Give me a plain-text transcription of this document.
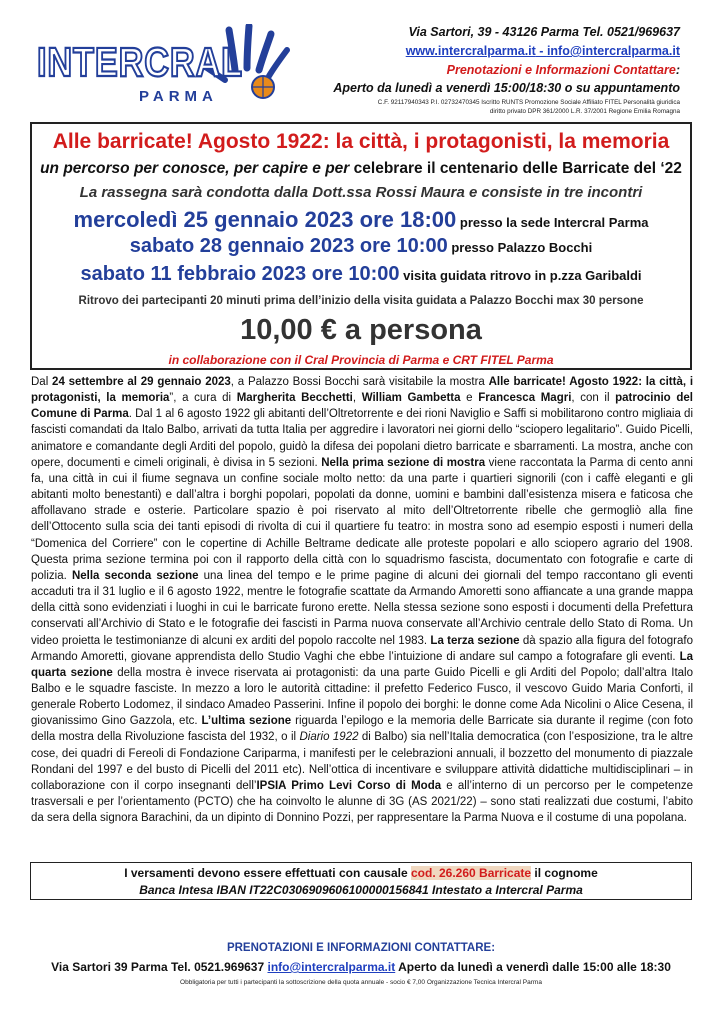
INTERCRAL
PARMA
Via Sartori, 39 - 43126 Parma Tel. 0521/969637
www.intercralparma.it - info@intercralparma.it
Prenotazioni e Informazioni Contattare:
Aperto da lunedì a venerdì 15:00/18:30 o su appuntamento
C.F. 92117940343 P.I. 02732470345 Iscritto RUNTS Promozione Sociale Affiliato FITEL Personalità giuridica
diritto privato DPR 361/2000 L.R. 37/2001 Regione Emilia Romagna
Alle barricate! Agosto 1922: la città, i protagonisti, la memoria
un percorso per conosce, per capire e per celebrare il centenario delle Barricate del ‘22
La rassegna sarà condotta dalla Dott.ssa Rossi Maura e consiste in tre incontri
mercoledì 25 gennaio 2023 ore 18:00 presso la sede Intercral Parma
sabato 28 gennaio 2023 ore 10:00 presso Palazzo Bocchi
sabato 11 febbraio 2023 ore 10:00 visita guidata ritrovo in p.zza Garibaldi
Ritrovo dei partecipanti 20 minuti prima dell’inizio della visita guidata a Palazzo Bocchi max 30 persone
10,00 € a persona
in collaborazione con il Cral Provincia di Parma e CRT FITEL Parma
Dal 24 settembre al 29 gennaio 2023, a Palazzo Bossi Bocchi sarà visitabile la mostra Alle barricate! Agosto 1922: la città, i protagonisti, la memoria”, a cura di Margherita Becchetti, William Gambetta e Francesca Magri, con il patrocinio del Comune di Parma. Dal 1 al 6 agosto 1922 gli abitanti dell’Oltretorrente e dei rioni Naviglio e Saffi si mobilitarono contro migliaia di fascisti comandati da Italo Balbo, arrivati da tutta Italia per aggredire i lavoratori nei giorni dello “sciopero legalitario”. Guido Picelli, animatore e comandante degli Arditi del popolo, guidò la difesa dei popolani dietro barricate e sbarramenti. La mostra, anche con opere, documenti e cimeli originali, è divisa in 5 sezioni. Nella prima sezione di mostra viene raccontata la Parma di cento anni fa, una città in cui il fiume segnava un confine sociale molto netto: da una parte i quartieri signorili (con i caffè eleganti e gli abitanti molto benestanti) e dall’altra i borghi popolari, popolati da donne, uomini e bambini dall’esistenza misera e faticosa che affollavano strade e osterie. Particolare spazio è poi riservato al mito dell’Oltretorrente ribelle che germogliò alla fine dell’Ottocento sulla scia dei tanti episodi di rivolta di cui il quartiere fu teatro: in mostra sono ad esempio esposti i numeri della “Domenica del Corriere” con le copertine di Achille Beltrame dedicate alle proteste popolari e allo sciopero agrario del 1908. Questa prima sezione termina poi con il rapporto della città con lo squadrismo fascista, documentato con fotografie e carte di polizia. Nella seconda sezione una linea del tempo e le prime pagine di alcuni dei giornali del tempo raccontano gli eventi accaduti tra il 31 luglio e il 6 agosto 1922, mentre le fotografie scattate da Armando Amoretti sono affiancate a una grande mappa della città sono evidenziati i luoghi in cui le barricate furono erette. Nella stessa sezione sono esposti i documenti della Prefettura conservati all’Archivio di Stato e le fotografie dei fascisti in Parma nuova conservate all’Archivio centrale dello Stato di Roma. Un video proietta le testimonianze di alcuni ex arditi del popolo raccolte nel 1983. La terza sezione dà spazio alla figura del fotografo Armando Amoretti, giovane apprendista dello Studio Vaghi che ebbe l’intuizione di andare sul campo a fotografare gli eventi. La quarta sezione della mostra è invece riservata ai protagonisti: da una parte Guido Picelli e gli Arditi del Popolo; dall’altra Italo Balbo e le squadre fasciste. In mezzo a loro le autorità cittadine: il prefetto Federico Fusco, il vescovo Guido Maria Conforti, il generale Roberto Lodomez, il sindaco Amadeo Passerini. Infine il popolo dei borghi: le donne come Ada Nicolini o Alice Cesena, il giovanissimo Gino Gazzola, etc. L’ultima sezione riguarda l’epilogo e la memoria delle Barricate sia durante il regime (con foto della mostra della Rivoluzione fascista del 1932, o il Diario 1922 di Balbo) sia nell’Italia democratica (con l’esposizione, tra le altre cose, dei quadri di Fereoli di Fondazione Cariparma, i manifesti per le celebrazioni annuali, il bozzetto del monumento di piazzale Rondani del 1997 e del busto di Picelli del 2011 etc). Nell’ottica di incentivare e sviluppare attività didattiche multidisciplinari – in collaborazione con il corpo insegnanti dell’IPSIA Primo Levi Corso di Moda e all’interno di un percorso per le competenze trasversali e per l’orientamento (PCTO) che ha coinvolto le alunne di 3G (AS 2021/22) – sono stati realizzati due costumi, l’abito da sera della signora Barachini, da un dipinto di Donnino Pozzi, per rappresentare la Parma Nuova e il costume di una popolana.
I versamenti devono essere effettuati con causale cod. 26.260 Barricate il cognome
Banca Intesa IBAN IT22C0306909606100000156841 Intestato a Intercral Parma
PRENOTAZIONI E INFORMAZIONI CONTATTARE:
Via Sartori 39 Parma Tel. 0521.969637 info@intercralparma.it Aperto da lunedì a venerdì dalle 15:00 alle 18:30
Obbligatoria per tutti i partecipanti la sottoscrizione della quota annuale - socio € 7,00 Organizzazione Tecnica Intercral Parma
